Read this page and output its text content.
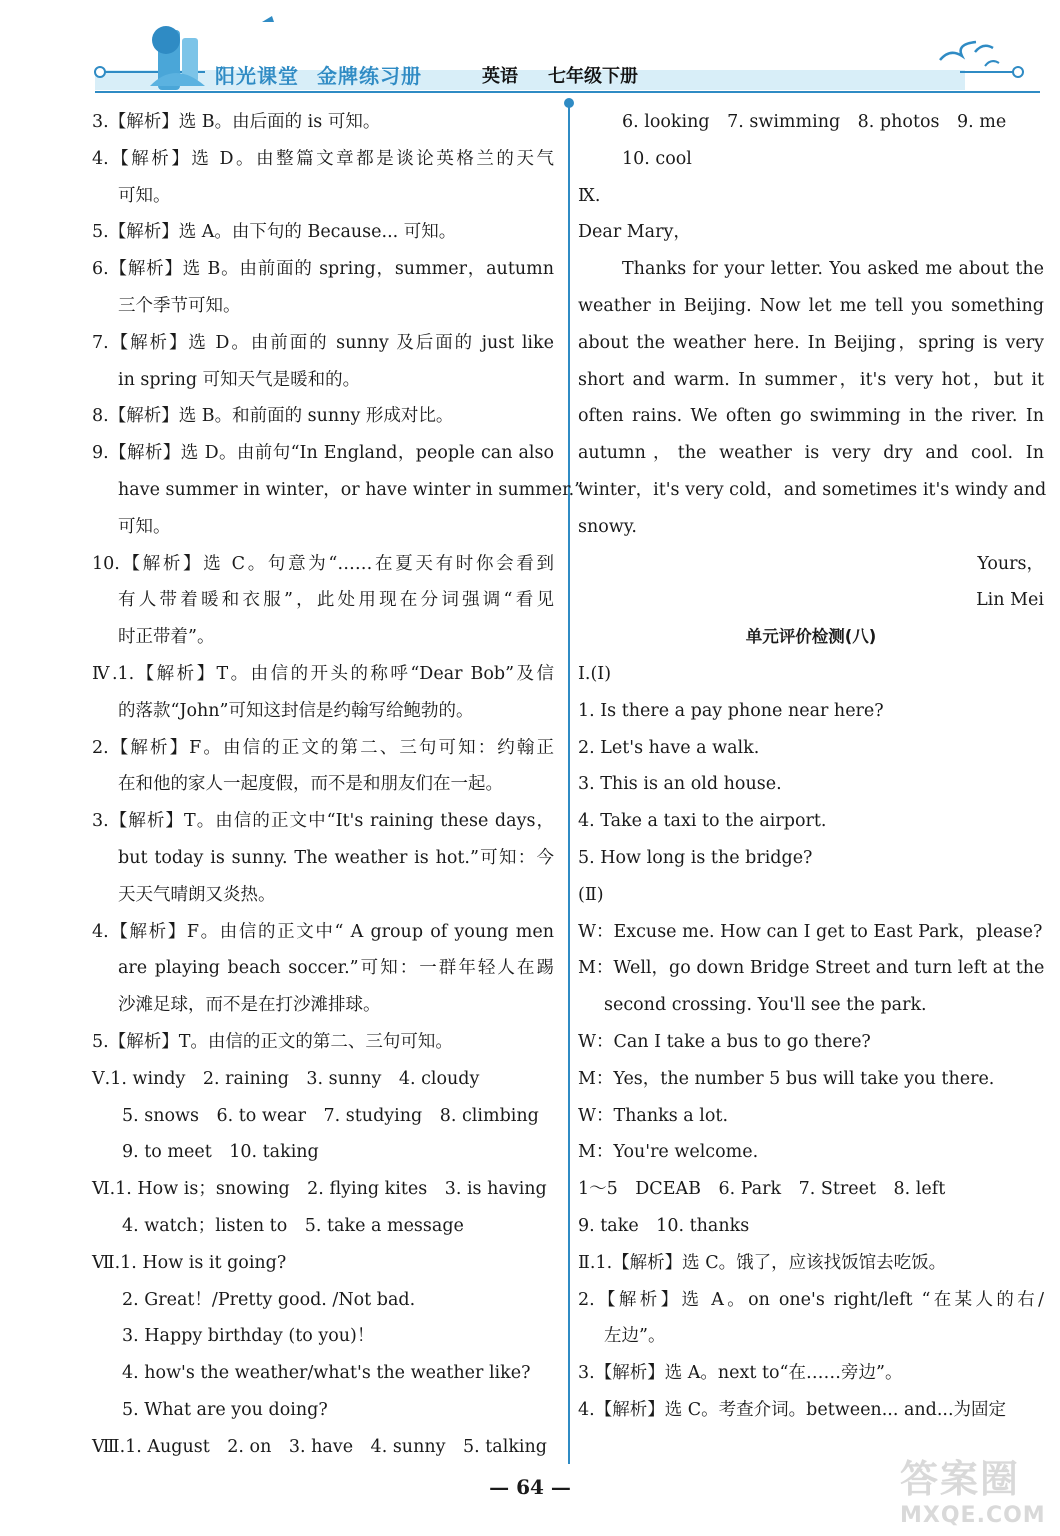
阳光课堂 金牌练习册	英语 七年级下册
3.【解析】选 B。由后面的 is 可知。
4.【解析】选 D。由整篇文章都是谈论英格兰的天气
可知。
5.【解析】选 A。由下句的 Because... 可知。
6.【解析】选 B。由前面的 spring，summer，autumn
三个季节可知。
7.【解析】选 D。由前面的 sunny 及后面的 just like
in spring 可知天气是暖和的。
8.【解析】选 B。和前面的 sunny 形成对比。
9.【解析】选 D。由前句“In England，people can also
have summer in winter，or have winter in summer.”
可知。
10.【解析】选 C。句意为“……在夏天有时你会看到
有人带着暖和衣服”，此处用现在分词强调“看见
时正带着”。
Ⅳ.1.【解析】T。由信的开头的称呼“Dear Bob”及信
的落款“John”可知这封信是约翰写给鲍勃的。
2.【解析】F。由信的正文的第二、三句可知：约翰正
在和他的家人一起度假，而不是和朋友们在一起。
3.【解析】T。由信的正文中“It's raining these days，
but today is sunny. The weather is hot.”可知：今
天天气晴朗又炎热。
4.【解析】F。由信的正文中“ A group of young men
are playing beach soccer.”可知：一群年轻人在踢
沙滩足球，而不是在打沙滩排球。
5.【解析】T。由信的正文的第二、三句可知。
Ⅴ.1. windy　2. raining　3. sunny　4. cloudy
5. snows　6. to wear　7. studying　8. climbing
9. to meet　10. taking
Ⅵ.1. How is；snowing　2. flying kites　3. is having
4. watch；listen to　5. take a message
Ⅶ.1. How is it going?
2. Great！/Pretty good. /Not bad.
3. Happy birthday (to you)！
4. how's the weather/what's the weather like?
5. What are you doing?
Ⅷ.1. August　2. on　3. have　4. sunny　5. talking
6. looking　7. swimming　8. photos　9. me
10. cool
Ⅸ.
Dear Mary，
Thanks for your letter. You asked me about the
weather in Beijing. Now let me tell you something
about the weather here. In Beijing，spring is very
short and warm. In summer，it's very hot，but it
often rains. We often go swimming in the river. In
autumn，the weather is very dry and cool. In
winter，it's very cold，and sometimes it's windy and
snowy.
Yours，
Lin Mei
单元评价检测(八)
Ⅰ.(Ⅰ)
1. Is there a pay phone near here?
2. Let's have a walk.
3. This is an old house.
4. Take a taxi to the airport.
5. How long is the bridge?
(Ⅱ)
W：Excuse me. How can I get to East Park，please?
M：Well，go down Bridge Street and turn left at the
second crossing. You'll see the park.
W：Can I take a bus to go there?
M：Yes，the number 5 bus will take you there.
W：Thanks a lot.
M：You're welcome.
1～5　DCEAB　6. Park　7. Street　8. left
9. take　10. thanks
Ⅱ.1.【解析】选 C。饿了，应该找饭馆去吃饭。
2.【解析】选 A。on one's right/left “在某人的右/
左边”。
3.【解析】选 A。next to“在……旁边”。
4.【解析】选 C。考查介词。between... and...为固定
— 64 —	答案圈
MXQE.COM
